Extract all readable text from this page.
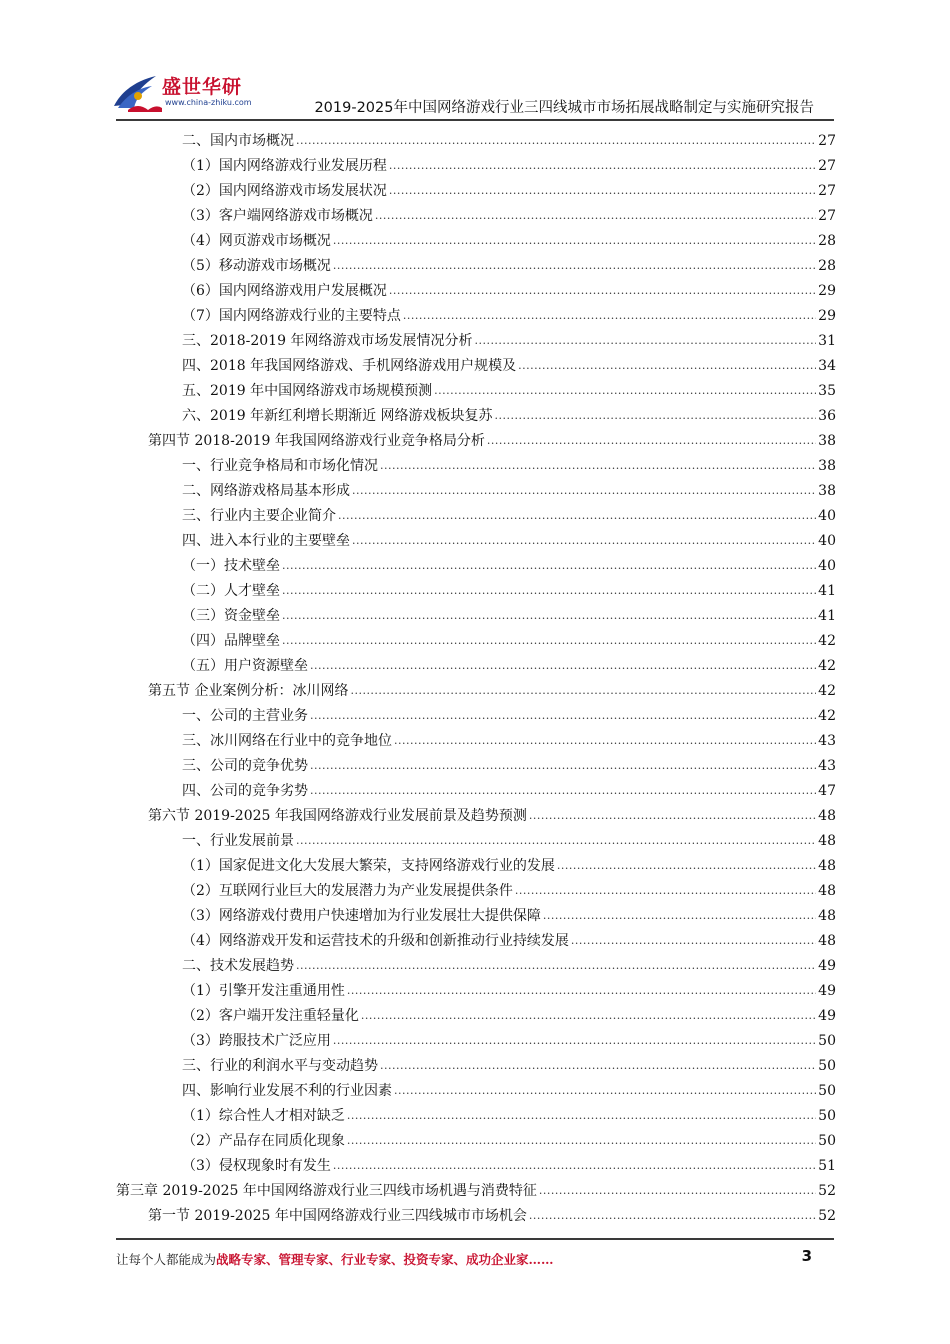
盛世华研
www.china-zhiku.com	2019-2025年中国网络游戏行业三四线城市市场拓展战略制定与实施研究报告
二、国内市场概况 .....	27
（1）国内网络游戏行业发展历程 .....	27
（2）国内网络游戏市场发展状况 .....	27
（3）客户端网络游戏市场概况 .....	27
（4）网页游戏市场概况 .....	28
（5）移动游戏市场概况 .....	28
（6）国内网络游戏用户发展概况 .....	29
（7）国内网络游戏行业的主要特点 .....	29
三、2018-2019 年网络游戏市场发展情况分析 .....	31
四、2018 年我国网络游戏、手机网络游戏用户规模及 .....	34
五、2019 年中国网络游戏市场规模预测 .....	35
六、2019 年新红利增长期渐近 网络游戏板块复苏 .....	36
第四节 2018-2019 年我国网络游戏行业竞争格局分析 .....	38
一、行业竞争格局和市场化情况 .....	38
二、网络游戏格局基本形成 .....	38
三、行业内主要企业简介 .....	40
四、进入本行业的主要壁垒 .....	40
（一）技术壁垒 .....	40
（二）人才壁垒 .....	41
（三）资金壁垒 .....	41
（四）品牌壁垒 .....	42
（五）用户资源壁垒 .....	42
第五节 企业案例分析：冰川网络 .....	42
一、公司的主营业务 .....	42
三、冰川网络在行业中的竞争地位 .....	43
三、公司的竞争优势 .....	43
四、公司的竞争劣势 .....	47
第六节 2019-2025 年我国网络游戏行业发展前景及趋势预测 .....	48
一、行业发展前景 .....	48
（1）国家促进文化大发展大繁荣，支持网络游戏行业的发展 .....	48
（2）互联网行业巨大的发展潜力为产业发展提供条件 .....	48
（3）网络游戏付费用户快速增加为行业发展壮大提供保障 .....	48
（4）网络游戏开发和运营技术的升级和创新推动行业持续发展 .....	48
二、技术发展趋势 .....	49
（1）引擎开发注重通用性 .....	49
（2）客户端开发注重轻量化 .....	49
（3）跨服技术广泛应用 .....	50
三、行业的利润水平与变动趋势 .....	50
四、影响行业发展不利的行业因素 .....	50
（1）综合性人才相对缺乏 .....	50
（2）产品存在同质化现象 .....	50
（3）侵权现象时有发生 .....	51
第三章 2019-2025 年中国网络游戏行业三四线市场机遇与消费特征 .....	52
第一节 2019-2025 年中国网络游戏行业三四线城市市场机会 .....	52
让每个人都能成为战略专家、管理专家、行业专家、投资专家、成功企业家……	3
